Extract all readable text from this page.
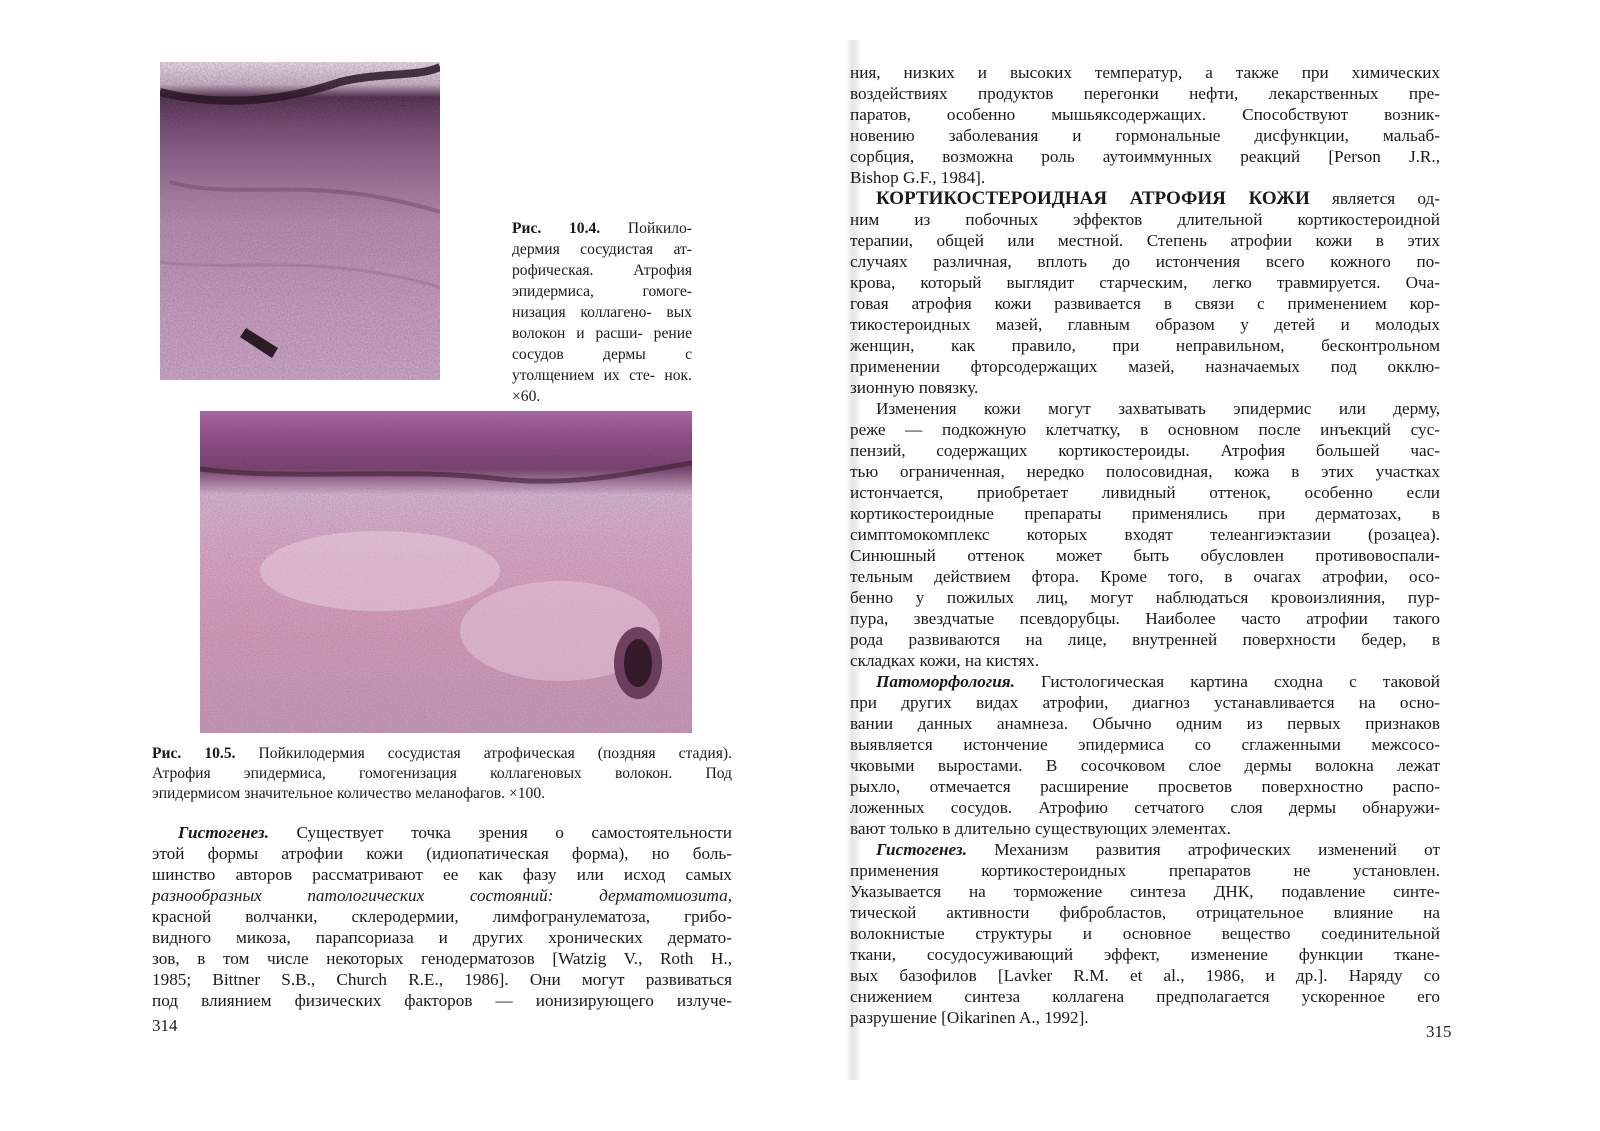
Рис. 10.4. Пойкило- дермия сосудистая ат- рофическая. Атрофия эпидермиса, гомоге- низация коллагено- вых волокон и расши- рение сосудов дермы	с утолщением их сте- нок. ×60.
Рис. 10.5. Пойкилодермия сосудистая атрофическая (поздняя стадия).
Атрофия эпидермиса, гомогенизация коллагеновых волокон. Под
эпидермисом значительное количество меланофагов. ×100.
Гистогенез. Существует точка зрения о самостоятельности
этой формы атрофии кожи (идиопатическая форма), но боль-
шинство авторов рассматривают ее как фазу или исход самых
разнообразных патологических состояний: дерматомиозита,
красной волчанки, склеродермии, лимфогранулематоза, грибо-
видного микоза, парапсориаза и других хронических дермато-
зов, в том числе некоторых генодерматозов [Watzig V., Roth H.,
1985; Bittner S.B., Church R.E., 1986]. Они могут развиваться
под влиянием физических факторов — ионизирующего излуче-
314
ния, низких и высоких температур, а также при химических
воздействиях продуктов перегонки нефти, лекарственных пре-
паратов, особенно мышьяксодержащих. Способствуют возник-
новению заболевания и гормональные дисфункции, мальаб-
сорбция, возможна роль аутоиммунных реакций [Person J.R.,
Bishop G.F., 1984].
КОРТИКОСТЕРОИДНАЯ АТРОФИЯ КОЖИ является од-
ним из побочных эффектов длительной кортикостероидной
терапии, общей или местной. Степень атрофии кожи в этих
случаях различная, вплоть до истончения всего кожного по-
крова, который выглядит старческим, легко травмируется. Оча-
говая атрофия кожи развивается в связи с применением кор-
тикостероидных мазей, главным образом у детей и молодых
женщин, как правило, при неправильном, бесконтрольном
применении фторсодержащих мазей, назначаемых под окклю-
зионную повязку.
Изменения кожи могут захватывать эпидермис или дерму,
реже — подкожную клетчатку, в основном после инъекций сус-
пензий, содержащих кортикостероиды. Атрофия большей час-
тью ограниченная, нередко полосовидная, кожа в этих участках
истончается, приобретает ливидный оттенок, особенно если
кортикостероидные препараты применялись при дерматозах, в
симптомокомплекс которых входят телеангиэктазии (розацеа).
Синюшный оттенок может быть обусловлен противовоспали-
тельным действием фтора. Кроме того, в очагах атрофии, осо-
бенно у пожилых лиц, могут наблюдаться кровоизлияния, пур-
пура, звездчатые псевдорубцы. Наиболее часто атрофии такого
рода развиваются на лице, внутренней поверхности бедер, в
складках кожи, на кистях.
Патоморфология. Гистологическая картина сходна с таковой
при других видах атрофии, диагноз устанавливается на осно-
вании данных анамнеза. Обычно одним из первых признаков
выявляется истончение эпидермиса со сглаженными межсосо-
чковыми выростами. В сосочковом слое дермы волокна лежат
рыхло, отмечается расширение просветов поверхностно распо-
ложенных сосудов. Атрофию сетчатого слоя дермы обнаружи-
вают только в длительно существующих элементах.
Гистогенез. Механизм развития атрофических изменений от
применения кортикостероидных препаратов не установлен.
Указывается на торможение синтеза ДНК, подавление синте-
тической активности фибробластов, отрицательное влияние на
волокнистые структуры и основное вещество соединительной
ткани, сосудосуживающий эффект, изменение функции ткане-
вых базофилов [Lavker R.M. et al., 1986, и др.]. Наряду со
снижением синтеза коллагена предполагается ускоренное его
разрушение [Oikarinen A., 1992].
315
